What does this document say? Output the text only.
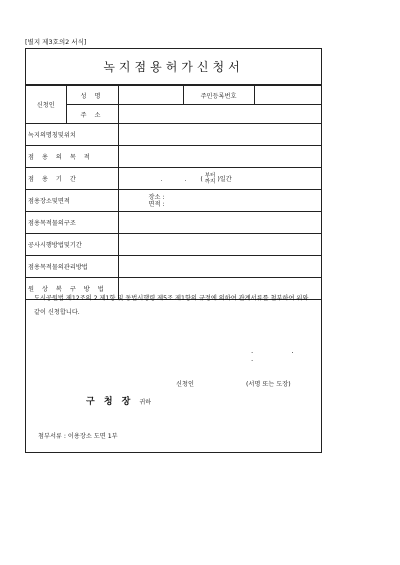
[별지 제3호의2 서식]
녹지점용허가신청서
신청인	성 명		주민등록번호	
	주 소			
녹지의명칭및위치				
점 용 의 목 적				
점 용 기 간		. . ( 부터
까지 )일간		
점용장소및면적		장소 :
면적 :		
점용목적물의구조				
공사시행방법및기간				
점용목적물의관리방법				
원 상 복 구 방 법				
도시공원법 제12조의 2 제1항 및 동법시행령 제5조 제1항의 규정에 의하여 관계서류를 첨부하여 위와같이 신청합니다.
. . .
신청인	(서명 또는 도장)
구 청 장 귀하
첨부서류 : 이용장소 도면 1부
